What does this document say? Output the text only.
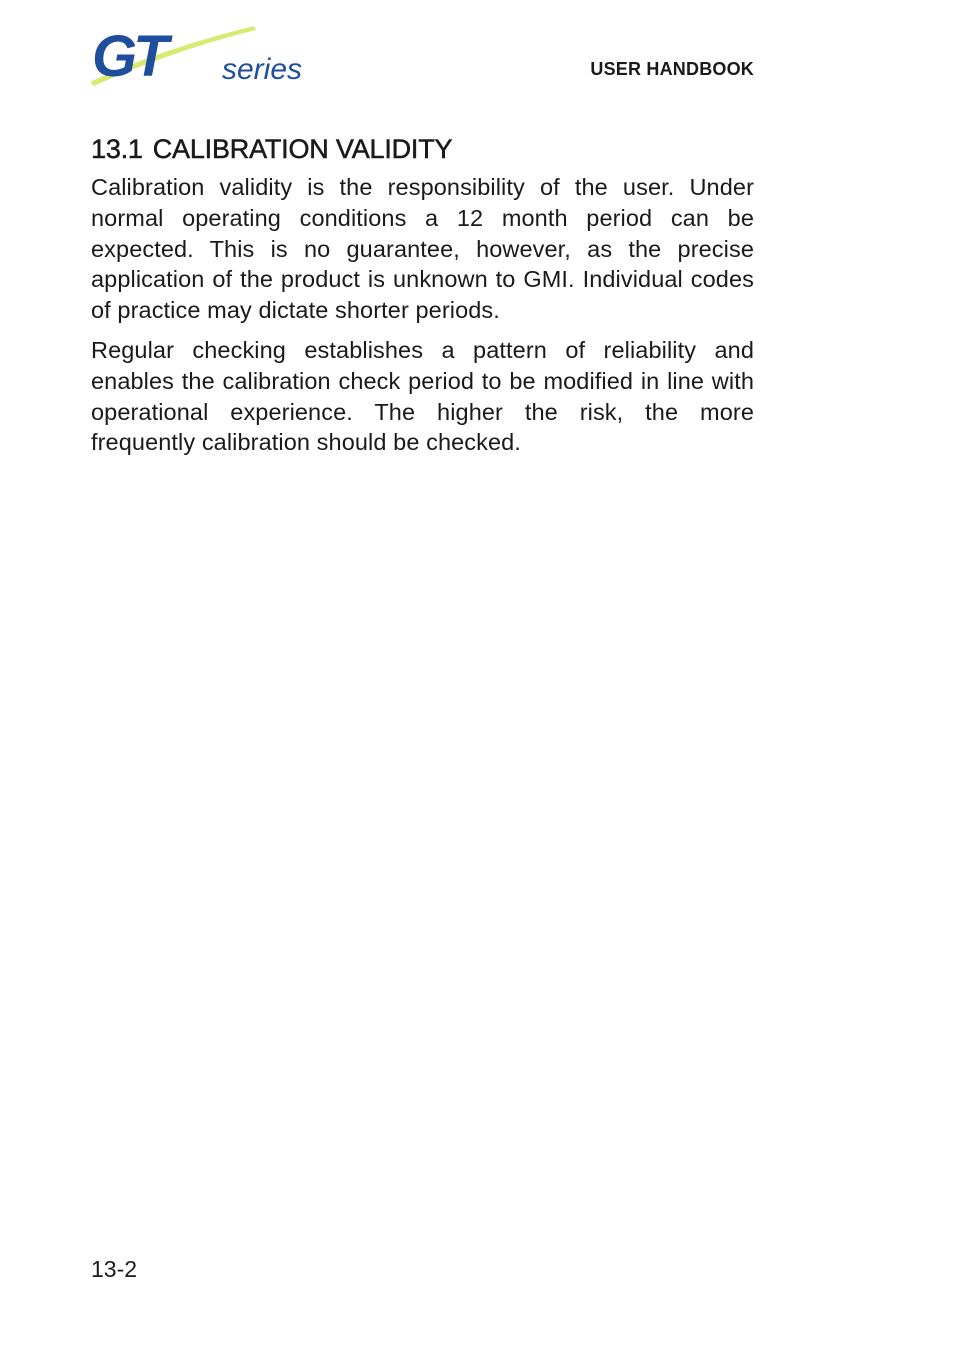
GT series	USER HANDBOOK
13.1 CALIBRATION VALIDITY

Calibration validity is the responsibility of the user. Under normal operating conditions a 12 month period can be expected. This is no guarantee, however, as the precise application of the product is unknown to GMI. Individual codes of practice may dictate shorter periods.

Regular checking establishes a pattern of reliability and enables the calibration check period to be modified in line with operational experience. The higher the risk, the more frequently calibration should be checked.

13-2
